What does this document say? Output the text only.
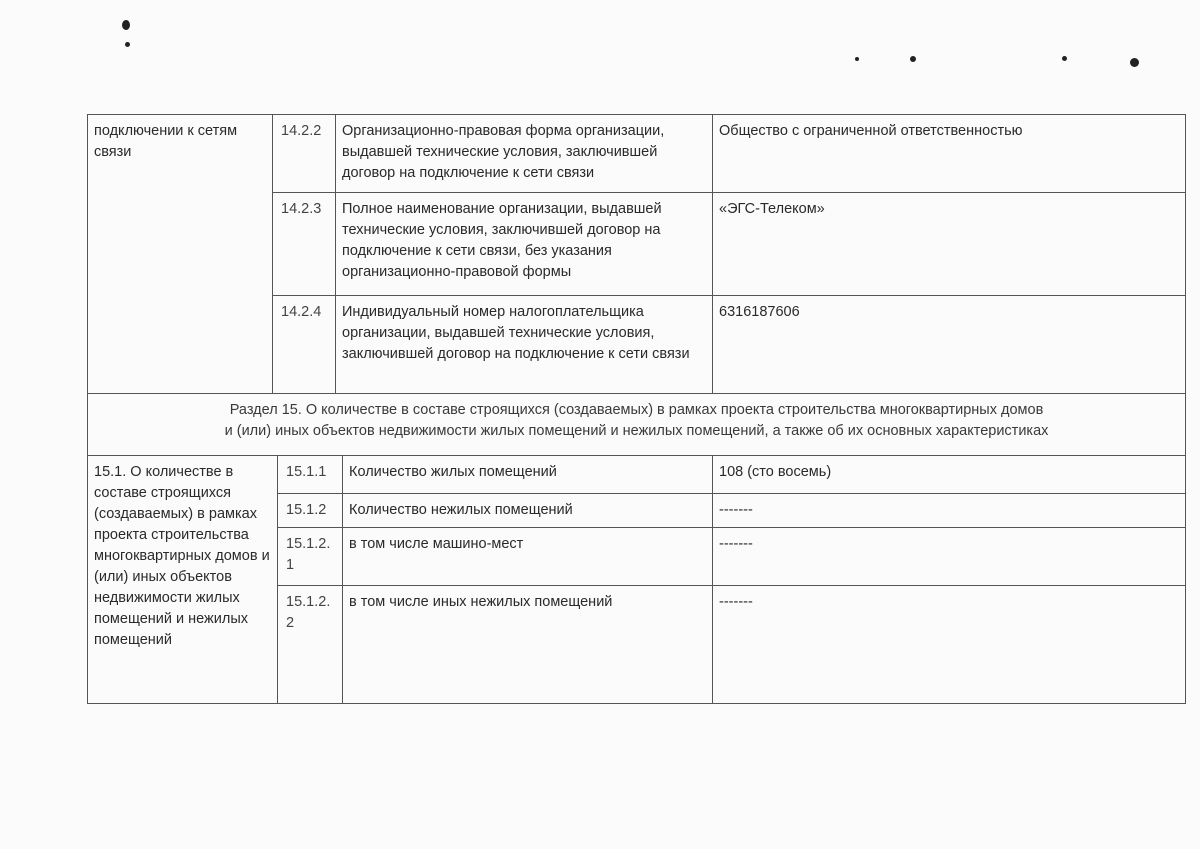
подключении к сетям связи	14.2.2	Организационно-правовая форма организации, выдавшей технические условия, заключившей договор на подключение к сети связи	Общество с ограниченной ответственностью
	14.2.3	Полное наименование организации, выдавшей технические условия, заключившей договор на подключение к сети связи, без указания организационно-правовой формы	«ЭГС-Телеком»
	14.2.4	Индивидуальный номер налогоплательщика организации, выдавшей технические условия, заключившей договор на подключение к сети связи	6316187606
Раздел 15. О количестве в составе строящихся (создаваемых) в рамках проекта строительства многоквартирных домов
и (или) иных объектов недвижимости жилых помещений и нежилых помещений, а также об их основных характеристиках			

15.1. О количестве в составе строящихся (создаваемых) в рамках проекта строительства многоквартирных домов и (или) иных объектов недвижимости жилых помещений и нежилых помещений	15.1.1	Количество жилых помещений	108 (сто восемь)
	15.1.2	Количество нежилых помещений	-------
	15.1.2.1	в том числе машино-мест	-------
	15.1.2.2	в том числе иных нежилых помещений	-------
